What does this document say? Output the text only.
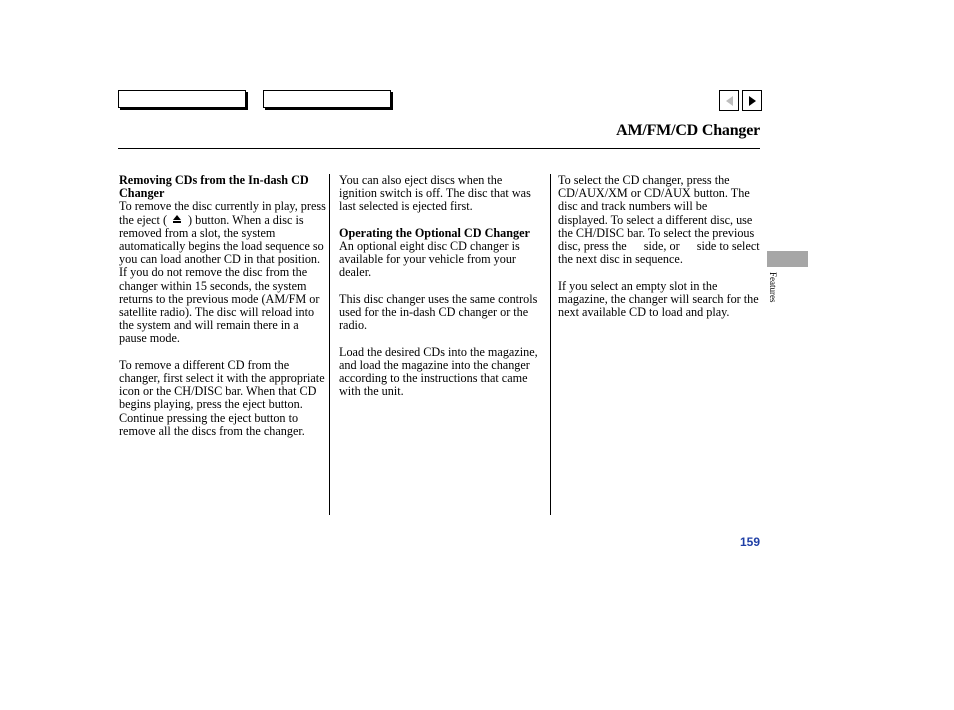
AM/FM/CD Changer
Removing CDs from the In-dash CD Changer

To remove the disc currently in play, press the eject ( ) button. When a disc is removed from a slot, the system automatically begins the load sequence so you can load another CD in that position. If you do not remove the disc from the changer within 15 seconds, the system returns to the previous mode (AM/FM or satellite radio). The disc will reload into the system and will remain there in a pause mode.

To remove a different CD from the changer, first select it with the appropriate icon or the CH/DISC bar. When that CD begins playing, press the eject button. Continue pressing the eject button to remove all the discs from the changer.

You can also eject discs when the ignition switch is off. The disc that was last selected is ejected first.

Operating the Optional CD Changer

An optional eight disc CD changer is available for your vehicle from your dealer.

This disc changer uses the same controls used for the in-dash CD changer or the radio.

Load the desired CDs into the magazine, and load the magazine into the changer according to the instructions that came with the unit.

To select the CD changer, press the CD/AUX/XM or CD/AUX button. The disc and track numbers will be displayed. To select a different disc, use the CH/DISC bar. To select the previous disc, press the side, or side to select the next disc in sequence.

If you select an empty slot in the magazine, the changer will search for the next available CD to load and play.

Features
159
